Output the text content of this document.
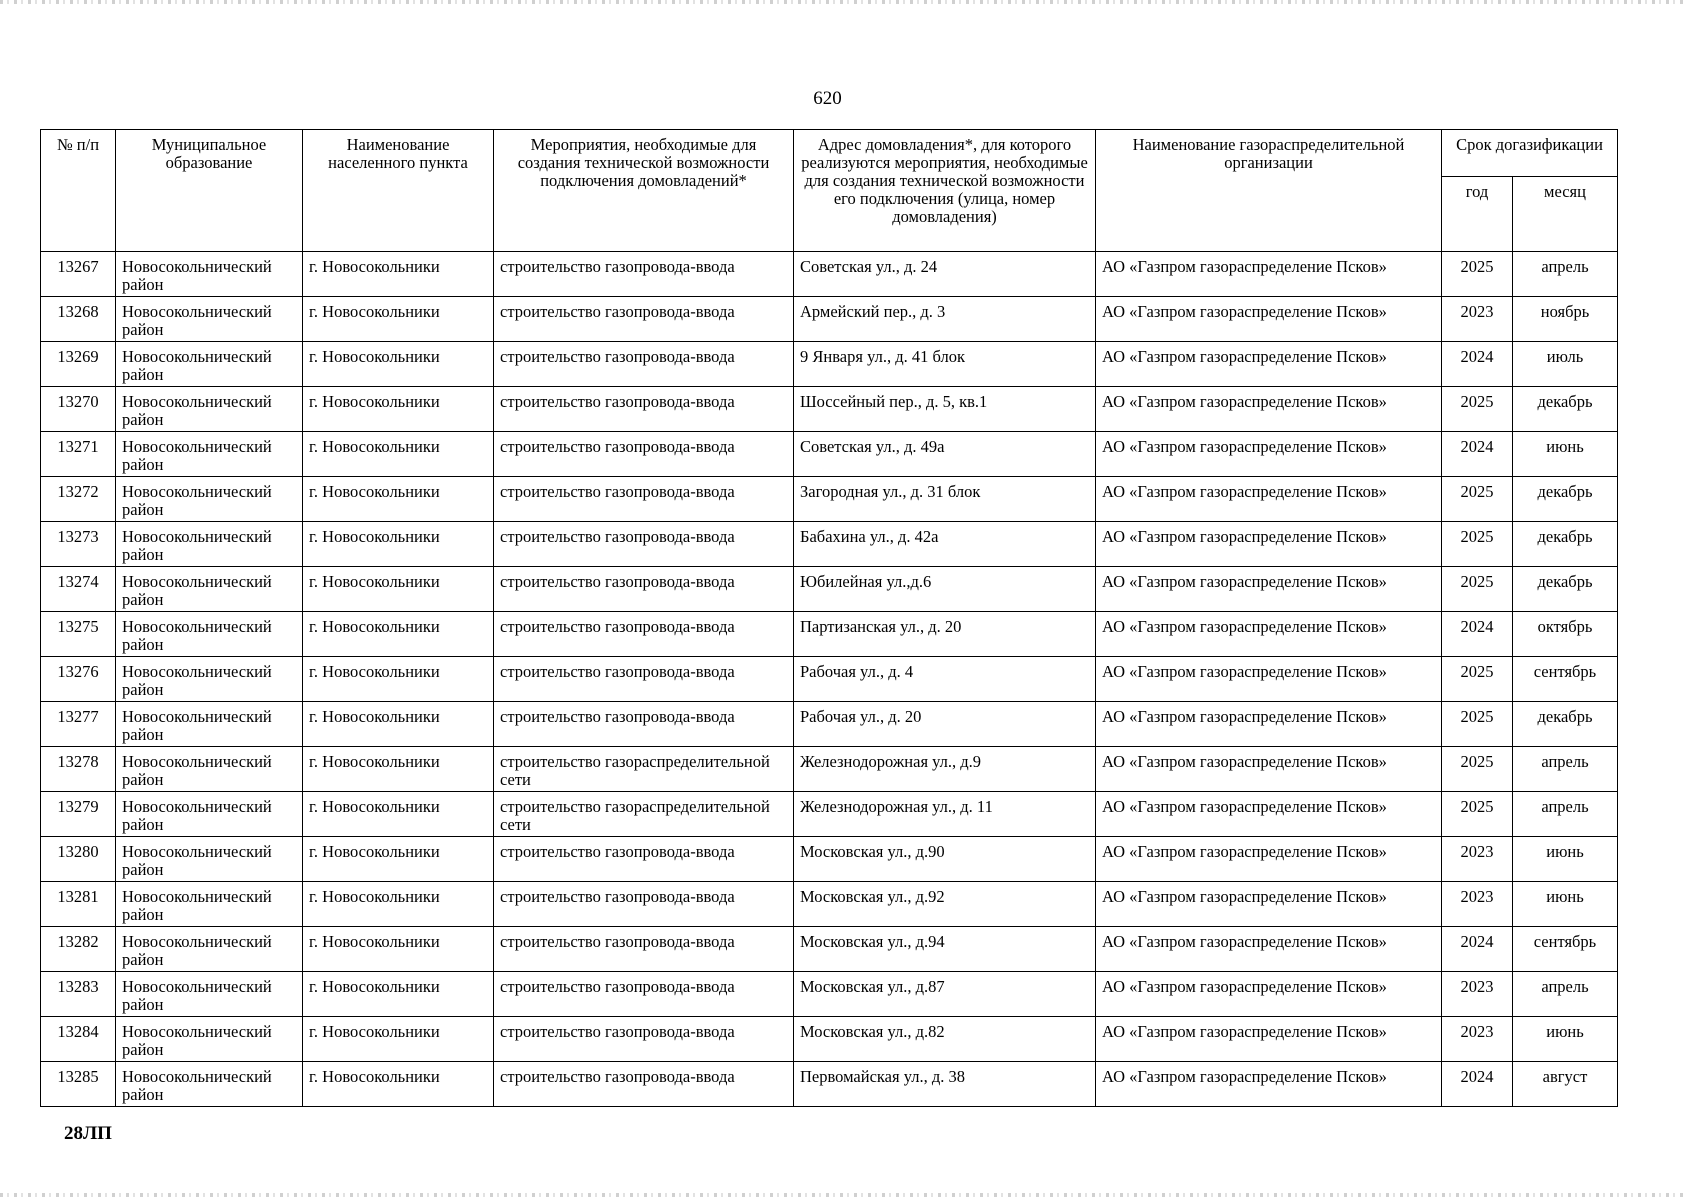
620
№ п/п	Муниципальное образование	Наименование населенного пункта	Мероприятия, необходимые для создания технической возможности подключения домовладений*	Адрес домовладения*, для которого реализуются мероприятия, необходимые для создания технической возможности его подключения (улица, номер домовладения)	Наименование газораспределительной организации	Срок догазификации	
						год	месяц
13267	Новосокольнический район	г. Новосокольники	строительство газопровода-ввода	Советская ул., д. 24	АО «Газпром газораспределение Псков»	2025	апрель
13268	Новосокольнический район	г. Новосокольники	строительство газопровода-ввода	Армейский пер., д. 3	АО «Газпром газораспределение Псков»	2023	ноябрь
13269	Новосокольнический район	г. Новосокольники	строительство газопровода-ввода	9 Января ул., д. 41 блок	АО «Газпром газораспределение Псков»	2024	июль
13270	Новосокольнический район	г. Новосокольники	строительство газопровода-ввода	Шоссейный пер., д. 5, кв.1	АО «Газпром газораспределение Псков»	2025	декабрь
13271	Новосокольнический район	г. Новосокольники	строительство газопровода-ввода	Советская ул., д. 49а	АО «Газпром газораспределение Псков»	2024	июнь
13272	Новосокольнический район	г. Новосокольники	строительство газопровода-ввода	Загородная ул., д. 31 блок	АО «Газпром газораспределение Псков»	2025	декабрь
13273	Новосокольнический район	г. Новосокольники	строительство газопровода-ввода	Бабахина ул., д. 42а	АО «Газпром газораспределение Псков»	2025	декабрь
13274	Новосокольнический район	г. Новосокольники	строительство газопровода-ввода	Юбилейная ул.,д.6	АО «Газпром газораспределение Псков»	2025	декабрь
13275	Новосокольнический район	г. Новосокольники	строительство газопровода-ввода	Партизанская ул., д. 20	АО «Газпром газораспределение Псков»	2024	октябрь
13276	Новосокольнический район	г. Новосокольники	строительство газопровода-ввода	Рабочая ул., д. 4	АО «Газпром газораспределение Псков»	2025	сентябрь
13277	Новосокольнический район	г. Новосокольники	строительство газопровода-ввода	Рабочая ул., д. 20	АО «Газпром газораспределение Псков»	2025	декабрь
13278	Новосокольнический район	г. Новосокольники	строительство газораспределительной сети	Железнодорожная ул., д.9	АО «Газпром газораспределение Псков»	2025	апрель
13279	Новосокольнический район	г. Новосокольники	строительство газораспределительной сети	Железнодорожная ул., д. 11	АО «Газпром газораспределение Псков»	2025	апрель
13280	Новосокольнический район	г. Новосокольники	строительство газопровода-ввода	Московская ул., д.90	АО «Газпром газораспределение Псков»	2023	июнь
13281	Новосокольнический район	г. Новосокольники	строительство газопровода-ввода	Московская ул., д.92	АО «Газпром газораспределение Псков»	2023	июнь
13282	Новосокольнический район	г. Новосокольники	строительство газопровода-ввода	Московская ул., д.94	АО «Газпром газораспределение Псков»	2024	сентябрь
13283	Новосокольнический район	г. Новосокольники	строительство газопровода-ввода	Московская ул., д.87	АО «Газпром газораспределение Псков»	2023	апрель
13284	Новосокольнический район	г. Новосокольники	строительство газопровода-ввода	Московская ул., д.82	АО «Газпром газораспределение Псков»	2023	июнь
13285	Новосокольнический район	г. Новосокольники	строительство газопровода-ввода	Первомайская ул., д. 38	АО «Газпром газораспределение Псков»	2024	август
28ЛП
